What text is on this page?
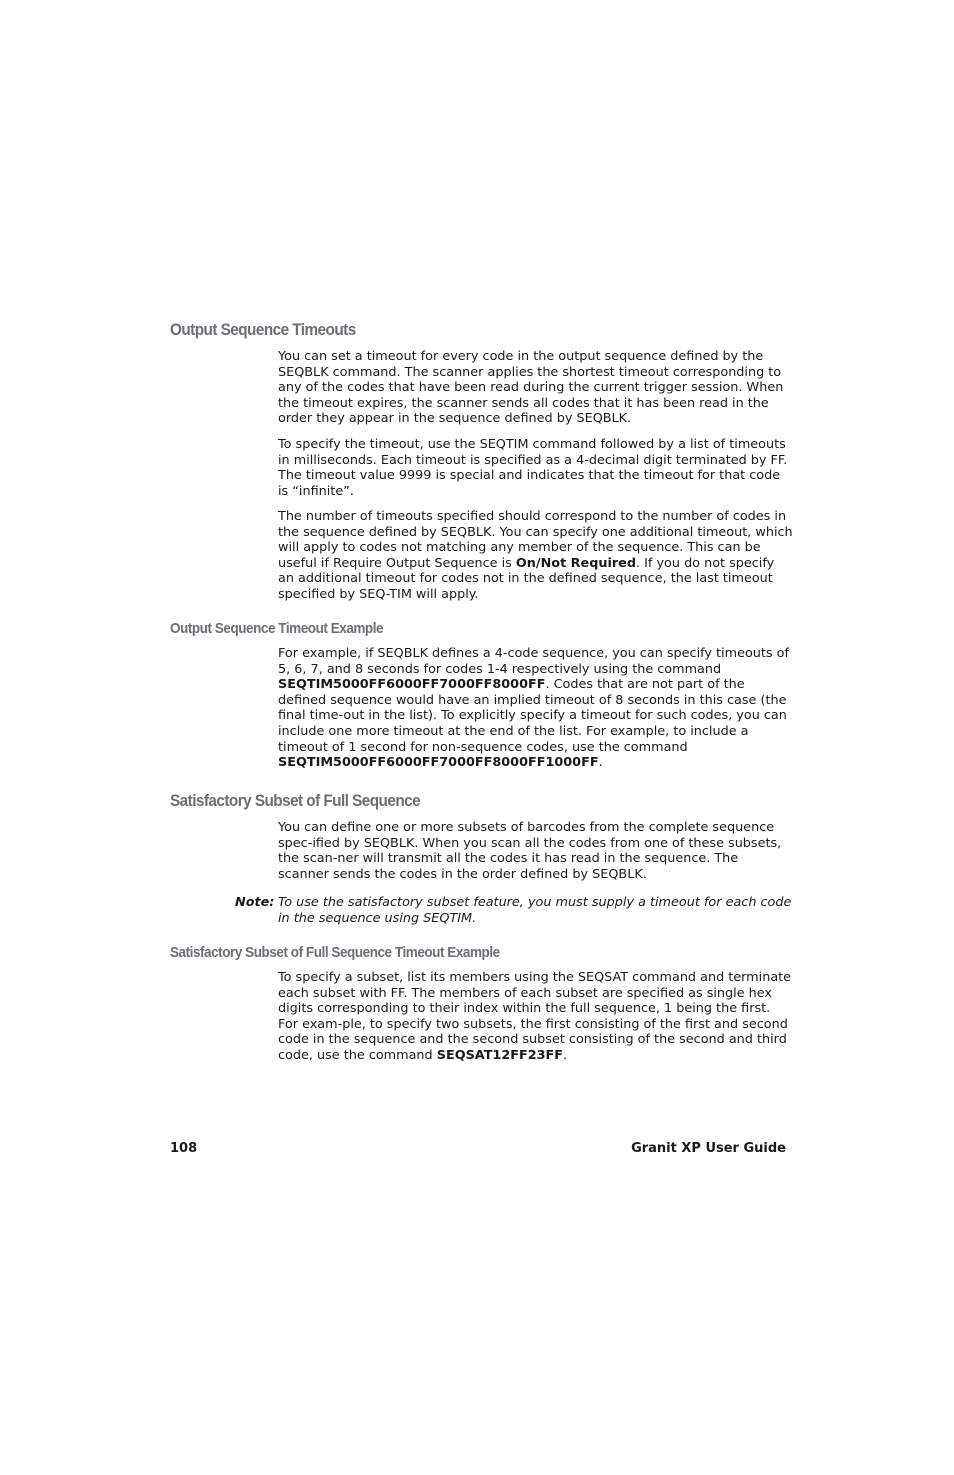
Output Sequence Timeouts

You can set a timeout for every code in the output sequence defined by the SEQBLK command. The scanner applies the shortest timeout corresponding to any of the codes that have been read during the current trigger session. When the timeout expires, the scanner sends all codes that it has been read in the order they appear in the sequence defined by SEQBLK.

To specify the timeout, use the SEQTIM command followed by a list of timeouts in milliseconds. Each timeout is specified as a 4-decimal digit terminated by FF. The timeout value 9999 is special and indicates that the timeout for that code is “infinite”.

The number of timeouts specified should correspond to the number of codes in the sequence defined by SEQBLK. You can specify one additional timeout, which will apply to codes not matching any member of the sequence. This can be useful if Require Output Sequence is On/Not Required. If you do not specify an additional timeout for codes not in the defined sequence, the last timeout specified by SEQ-TIM will apply.

Output Sequence Timeout Example

For example, if SEQBLK defines a 4-code sequence, you can specify timeouts of 5, 6, 7, and 8 seconds for codes 1-4 respectively using the command SEQTIM5000FF6000FF7000FF8000FF. Codes that are not part of the defined sequence would have an implied timeout of 8 seconds in this case (the final time-out in the list). To explicitly specify a timeout for such codes, you can include one more timeout at the end of the list. For example, to include a timeout of 1 second for non-sequence codes, use the command SEQTIM5000FF6000FF7000FF8000FF1000FF.

Satisfactory Subset of Full Sequence

You can define one or more subsets of barcodes from the complete sequence spec-ified by SEQBLK. When you scan all the codes from one of these subsets, the scan-ner will transmit all the codes it has read in the sequence. The scanner sends the codes in the order defined by SEQBLK.

Note: To use the satisfactory subset feature, you must supply a timeout for each code in the sequence using SEQTIM.

Satisfactory Subset of Full Sequence Timeout Example

To specify a subset, list its members using the SEQSAT command and terminate each subset with FF. The members of each subset are specified as single hex digits corresponding to their index within the full sequence, 1 being the first. For exam-ple, to specify two subsets, the first consisting of the first and second code in the sequence and the second subset consisting of the second and third code, use the command SEQSAT12FF23FF.

108	Granit XP User Guide
